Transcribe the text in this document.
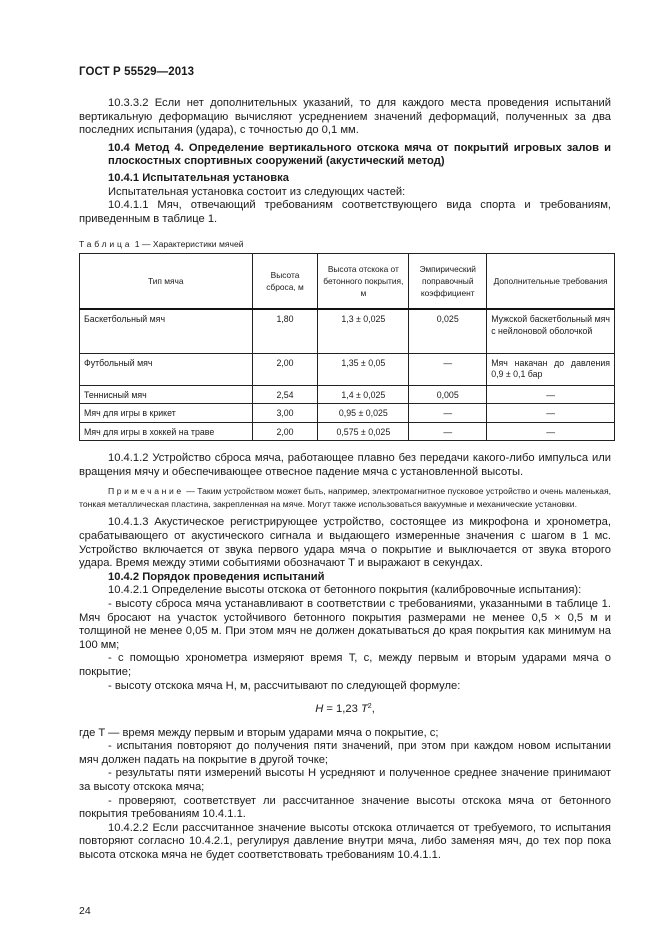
ГОСТ Р 55529—2013

10.3.3.2 Если нет дополнительных указаний, то для каждого места проведения испытаний вертикальную деформацию вычисляют усреднением значений деформаций, полученных за два последних испытания (удара), с точностью до 0,1 мм.

10.4 Метод 4. Определение вертикального отскока мяча от покрытий игровых залов и плоскостных спортивных сооружений (акустический метод)

10.4.1 Испытательная установка

Испытательная установка состоит из следующих частей:

10.4.1.1 Мяч, отвечающий требованиям соответствующего вида спорта и требованиям, приведенным в таблице 1.

Таблица 1 — Характеристики мячей
Тип мяча	Высота сброса, м	Высота отскока от бетонного покрытия, м	Эмпирический поправочный коэффициент	Дополнительные требования
Баскетбольный мяч	1,80	1,3 ± 0,025	0,025	Мужской баскетбольный мяч с нейлоновой оболочкой
Футбольный мяч	2,00	1,35 ± 0,05	—	Мяч накачан до давления 0,9 ± 0,1 бар
Теннисный мяч	2,54	1,4 ± 0,025	0,005	—
Мяч для игры в крикет	3,00	0,95 ± 0,025	—	—
Мяч для игры в хоккей на траве	2,00	0,575 ± 0,025	—	—

10.4.1.2 Устройство сброса мяча, работающее плавно без передачи какого-либо импульса или вращения мячу и обеспечивающее отвесное падение мяча с установленной высоты.

Примечание — Таким устройством может быть, например, электромагнитное пусковое устройство и очень маленькая, тонкая металлическая пластина, закрепленная на мяче. Могут также использоваться вакуумные и механические установки.

10.4.1.3 Акустическое регистрирующее устройство, состоящее из микрофона и хронометра, срабатывающего от акустического сигнала и выдающего измеренные значения с шагом в 1 мс. Устройство включается от звука первого удара мяча о покрытие и выключается от звука второго удара. Время между этими событиями обозначают T и выражают в секундах.

10.4.2 Порядок проведения испытаний

10.4.2.1 Определение высоты отскока от бетонного покрытия (калибровочные испытания):

- высоту сброса мяча устанавливают в соответствии с требованиями, указанными в таблице 1. Мяч бросают на участок устойчивого бетонного покрытия размерами не менее 0,5 × 0,5 м и толщиной не менее 0,05 м. При этом мяч не должен докатываться до края покрытия как минимум на 100 мм;

- с помощью хронометра измеряют время T, с, между первым и вторым ударами мяча о покрытие;

- высоту отскока мяча H, м, рассчитывают по следующей формуле:

H = 1,23 $T^2$,

где T — время между первым и вторым ударами мяча о покрытие, с;

- испытания повторяют до получения пяти значений, при этом при каждом новом испытании мяч должен падать на покрытие в другой точке;

- результаты пяти измерений высоты H усредняют и полученное среднее значение принимают за высоту отскока мяча;

- проверяют, соответствует ли рассчитанное значение высоты отскока мяча от бетонного покрытия требованиям 10.4.1.1.

10.4.2.2 Если рассчитанное значение высоты отскока отличается от требуемого, то испытания повторяют согласно 10.4.2.1, регулируя давление внутри мяча, либо заменяя мяч, до тех пор пока высота отскока мяча не будет соответствовать требованиям 10.4.1.1.

24
